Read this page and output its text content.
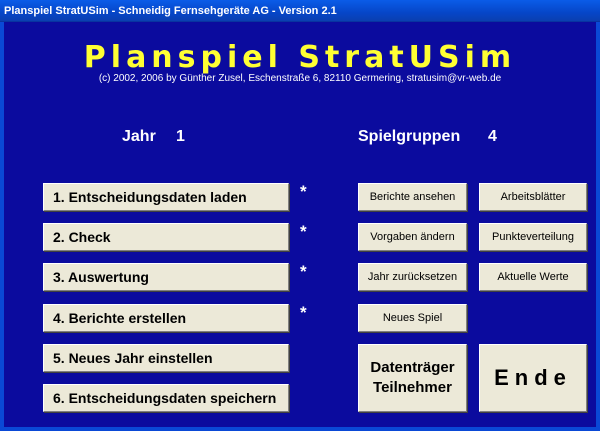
Planspiel StratUSim - Schneidig Fernsehgeräte AG - Version 2.1
Planspiel StratUSim
(c) 2002, 2006 by Günther Zusel, Eschenstraße 6, 82110 Germering, stratusim@vr-web.de
Jahr 1	Spielgruppen 4
1. Entscheidungsdaten laden
2. Check
3. Auswertung
4. Berichte erstellen
5. Neues Jahr einstellen
6. Entscheidungsdaten speichern
*
*
*
*
Berichte ansehen	Arbeitsblätter
Vorgaben ändern	Punkteverteilung
Jahr zurücksetzen	Aktuelle Werte
Neues Spiel
Datenträger
Teilnehmer Ende
